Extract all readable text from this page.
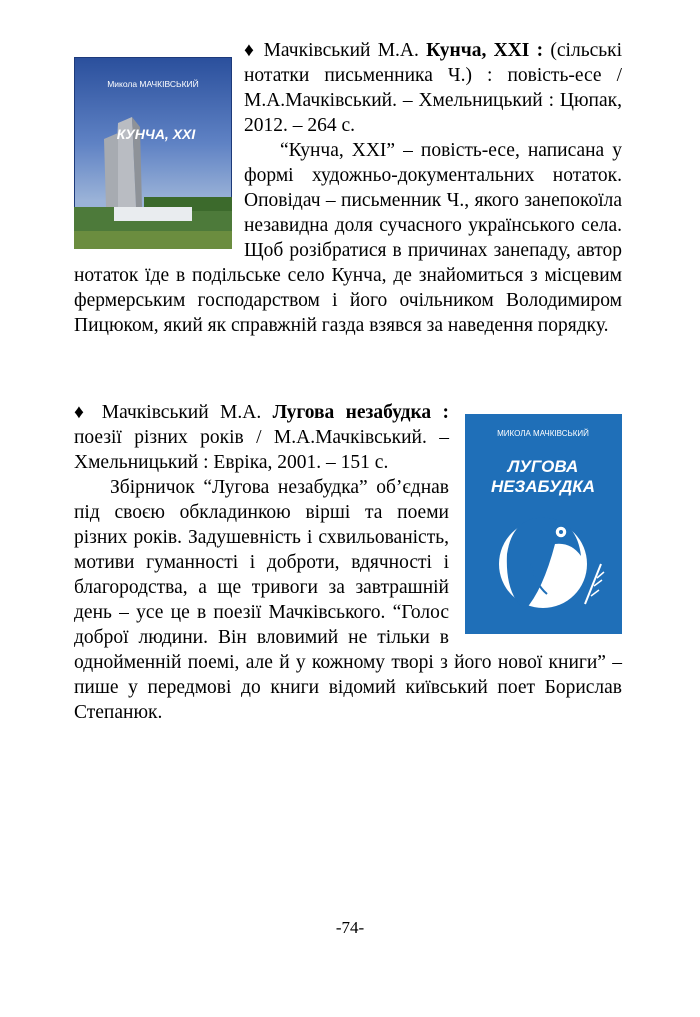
Микола МАЧКІВСЬКИЙ
КУНЧА, XXI

♦ Мачківський М.А. Кунча, XXI : (сільські нотатки письменника Ч.) : повість-есе / М.А.Мачківський. – Хмельницький : Цюпак, 2012. – 264 с.

“Кунча, XXI” – повість-есе, написана у формі художньо-документальних нотаток. Оповідач – письменник Ч., якого занепокоїла незавидна доля сучасного українського села. Щоб розібратися в причинах занепаду, автор нотаток їде в подільське село Кунча, де знайомиться з місцевим фермерським господарством і його очільником Володимиром Пицюком, який як справжній газда взявся за наведення порядку.

МИКОЛА МАЧКІВСЬКИЙ
ЛУГОВА
НЕЗАБУДКА

♦ Мачківський М.А. Лугова незабудка : поезії різних років / М.А.Мачківський. – Хмельницький : Евріка, 2001. – 151 с.

Збірничок “Лугова незабудка” об’єднав під своєю обкладинкою вірші та поеми різних років. Задушевність і схвильованість, мотиви гуманності і доброти, вдячності і благородства, а ще тривоги за завтрашній день – усе це в поезії Мачківського. “Голос доброї людини. Він вловимий не тільки в однойменній поемі, але й у кожному творі з його нової книги” – пише у передмові до книги відомий київський поет Борислав Степанюк.

-74-
